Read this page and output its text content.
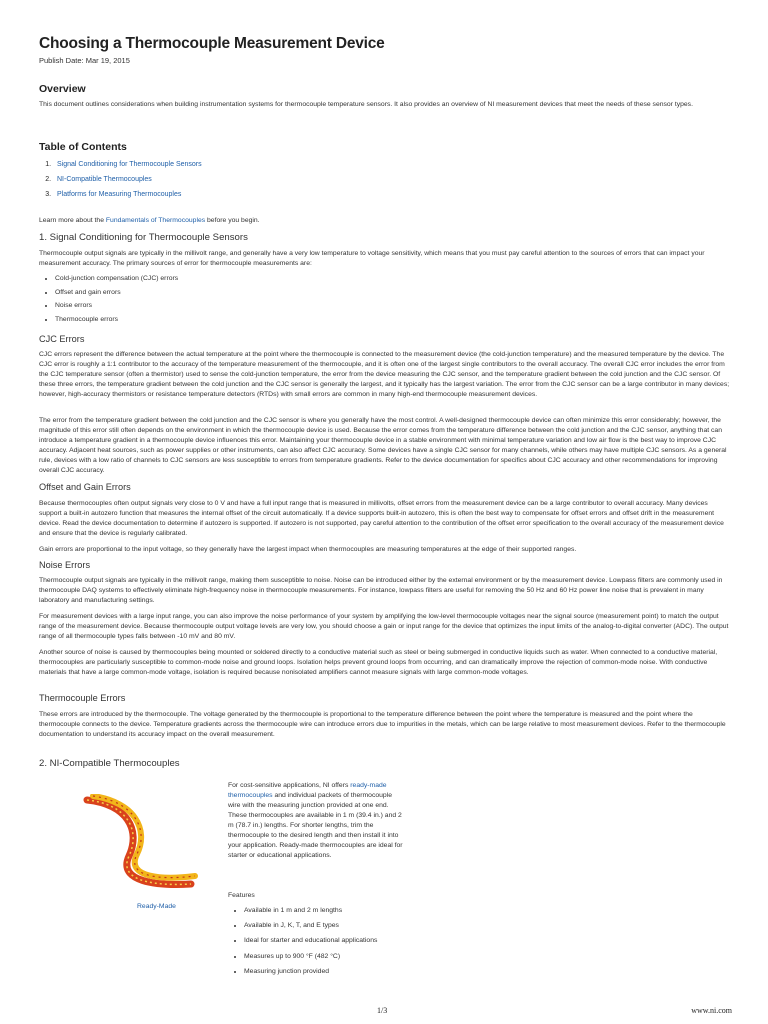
Choosing a Thermocouple Measurement Device
Publish Date: Mar 19, 2015
Overview

This document outlines considerations when building instrumentation systems for thermocouple temperature sensors. It also provides an overview of NI measurement devices that meet the needs of these sensor types.

Table of Contents
1. Signal Conditioning for Thermocouple Sensors
2. NI-Compatible Thermocouples
3. Platforms for Measuring Thermocouples

Learn more about the Fundamentals of Thermocouples before you begin.

1. Signal Conditioning for Thermocouple Sensors

Thermocouple output signals are typically in the millivolt range, and generally have a very low temperature to voltage sensitivity, which means that you must pay careful attention to the sources of errors that can impact your measurement accuracy. The primary sources of error for thermocouple measurements are:

• Cold-junction compensation (CJC) errors
• Offset and gain errors
• Noise errors
• Thermocouple errors
CJC Errors

CJC errors represent the difference between the actual temperature at the point where the thermocouple is connected to the measurement device (the cold-junction temperature) and the measured temperature by the device. The CJC error is roughly a 1:1 contributor to the accuracy of the temperature measurement of the thermocouple, and it is often one of the largest single contributors to the overall accuracy. The overall CJC error includes the error from the CJC temperature sensor (often a thermistor) used to sense the cold-junction temperature, the error from the device measuring the CJC sensor, and the temperature gradient between the cold junction and the CJC sensor. Of these three errors, the temperature gradient between the cold junction and the CJC sensor is generally the largest, and it typically has the largest variation. The error from the CJC sensor can be a large contributor in many devices; however, high-accuracy thermistors or resistance temperature detectors (RTDs) with small errors are common in many high-end thermocouple measurement devices.

The error from the temperature gradient between the cold junction and the CJC sensor is where you generally have the most control. A well-designed thermocouple device can often minimize this error considerably; however, the magnitude of this error still often depends on the environment in which the thermocouple device is used. Because the error comes from the temperature difference between the cold junction and the CJC sensor, anything that can introduce a temperature gradient in a thermocouple device influences this error. Maintaining your thermocouple device in a stable environment with minimal temperature variation and low air flow is the best way to improve CJC accuracy. Adjacent heat sources, such as power supplies or other instruments, can also affect CJC accuracy. Some devices have a single CJC sensor for many channels, while others may have multiple CJC sensors. As a general rule, devices with a low ratio of channels to CJC sensors are less susceptible to errors from temperature gradients. Refer to the device documentation for specifics about CJC accuracy and other recommendations for improving overall CJC accuracy.

Offset and Gain Errors

Because thermocouples often output signals very close to 0 V and have a full input range that is measured in millivolts, offset errors from the measurement device can be a large contributor to overall accuracy. Many devices support a built-in autozero function that measures the internal offset of the circuit automatically. If a device supports built-in autozero, this is often the best way to compensate for offset errors and offset drift in the measurement device. Read the device documentation to determine if autozero is supported. If autozero is not supported, pay careful attention to the contribution of the offset error specification to the overall accuracy of the measurement device and ensure that the device is regularly calibrated.

Gain errors are proportional to the input voltage, so they generally have the largest impact when thermocouples are measuring temperatures at the edge of their supported ranges.

Noise Errors

Thermocouple output signals are typically in the millivolt range, making them susceptible to noise. Noise can be introduced either by the external environment or by the measurement device. Lowpass filters are commonly used in thermocouple DAQ systems to effectively eliminate high-frequency noise in thermocouple measurements. For instance, lowpass filters are useful for removing the 50 Hz and 60 Hz power line noise that is prevalent in many laboratory and manufacturing settings.

For measurement devices with a large input range, you can also improve the noise performance of your system by amplifying the low-level thermocouple voltages near the signal source (measurement point) to match the output range of the measurement device. Because thermocouple output voltage levels are very low, you should choose a gain or input range for the device that optimizes the input limits of the analog-to-digital converter (ADC). The output range of all thermocouple types falls between -10 mV and 80 mV.

Another source of noise is caused by thermocouples being mounted or soldered directly to a conductive material such as steel or being submerged in conductive liquids such as water. When connected to a conductive material, thermocouples are particularly susceptible to common-mode noise and ground loops. Isolation helps prevent ground loops from occurring, and can dramatically improve the rejection of common-mode noise. With conductive materials that have a large common-mode voltage, isolation is required because nonisolated amplifiers cannot measure signals with large common-mode voltages.

Thermocouple Errors

These errors are introduced by the thermocouple. The voltage generated by the thermocouple is proportional to the temperature difference between the point where the temperature is measured and the point where the thermocouple connects to the device. Temperature gradients across the thermocouple wire can introduce errors due to impurities in the metals, which can be large relative to most measurement devices. Refer to the thermocouple documentation to understand its accuracy impact on the overall measurement.

2. NI-Compatible Thermocouples
Ready-Made
For cost-sensitive applications, NI offers ready-made thermocouples and individual packets of thermocouple wire with the measuring junction provided at one end. These thermocouples are available in 1 m (39.4 in.) and 2 m (78.7 in.) lengths. For shorter lengths, trim the thermocouple to the desired length and then install it into your application. Ready-made thermocouples are ideal for starter or educational applications.
Features
• Available in 1 m and 2 m lengths
• Available in J, K, T, and E types
• Ideal for starter and educational applications
• Measures up to 900 °F (482 °C)
• Measuring junction provided
1/3	www.ni.com
